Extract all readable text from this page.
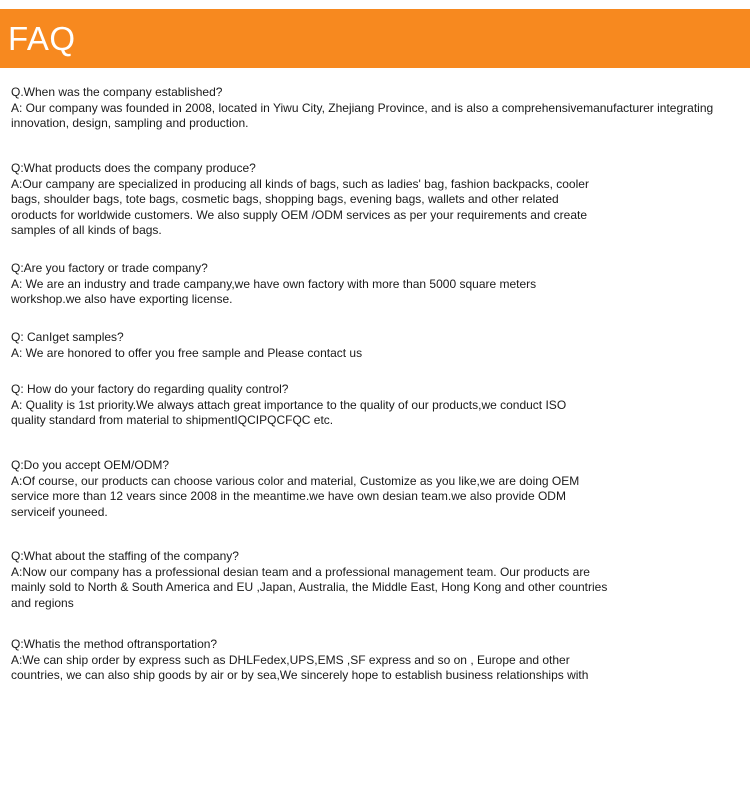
FAQ
Q.When was the company established?
A: Our company was founded in 2008, located in Yiwu City, Zhejiang Province, and is also a comprehensivemanufacturer integrating
innovation, design, sampling and production.
Q:What products does the company produce?
A:Our campany are specialized in producing all kinds of bags, such as ladies' bag, fashion backpacks, cooler
bags, shoulder bags, tote bags, cosmetic bags, shopping bags, evening bags, wallets and other related
oroducts for worldwide customers. We also supply OEM /ODM services as per your requirements and create
samples of all kinds of bags.
Q:Are you factory or trade company?
A: We are an industry and trade campany,we have own factory with more than 5000 square meters
workshop.we also have exporting license.
Q: CanIget samples?
A: We are honored to offer you free sample and Please contact us
Q: How do your factory do regarding quality control?
A: Quality is 1st priority.We always attach great importance to the quality of our products,we conduct ISO
quality standard from material to shipmentIQCIPQCFQC etc.
Q:Do you accept OEM/ODM?
A:Of course, our products can choose various color and material, Customize as you like,we are doing OEM
service more than 12 vears since 2008 in the meantime.we have own desian team.we also provide ODM
serviceif youneed.
Q:What about the staffing of the company?
A:Now our company has a professional desian team and a professional management team. Our products are
mainly sold to North & South America and EU ,Japan, Australia, the Middle East, Hong Kong and other countries
and regions
Q:Whatis the method oftransportation?
A:We can ship order by express such as DHLFedex,UPS,EMS ,SF express and so on , Europe and other
countries, we can also ship goods by air or by sea,We sincerely hope to establish business relationships with
